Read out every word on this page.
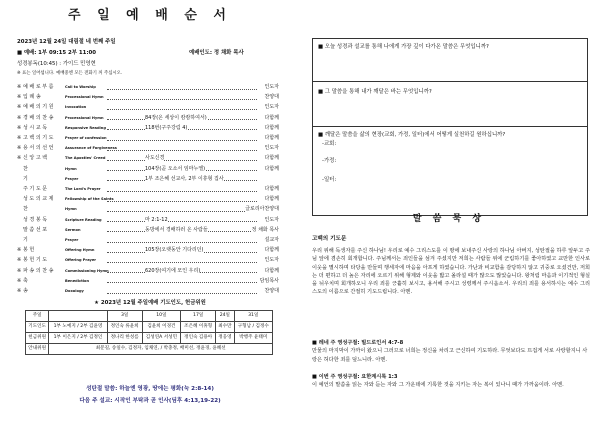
주 일 예 배 순 서
2023년 12월 24일 대림절 네 번째 주일
■ 예배: 1부 09:15 2부 11:00	예배인도: 정 채화 목사
성경봉독(10:45) : 가이드 민영현
※ 표는 일어섭니다. 예배중엔 모든 전화기 꺼 주십시오.
※ 예 배 로 부 름	Call to Worship	인도자
※ 입 례 송	Processional Hymn	찬양대
※ 예 배 의 기 원	Invocation	인도자
※ 경 배 의 찬 송	Processional Hymn	84장(온 세상이 캄캄하여서)	다함께
※ 성 시 교 독	Responsive Reading	118번(구주강림 4)	다함께
※ 고 백 의 기 도	Prayer of confession	다함께
※ 용 서 의 선 언	Assurance of Forgiveness	인도자
※ 신 앙 고 백	The Apostles' Creed	사도신경	다함께
찬	Hymn	104장(곧 오소서 임마누엘)	다함께
기	Prayer	1부 조은혜 선교사, 2부 이휴형 집사
주 기 도 문	The Lord's Prayer	다함께
성 도 의 교 제	Fellowship of the Saints	다함께
찬	Hymn	글로리아찬양대
성 경 봉 독	Scripture Reading	마 2:1-12	인도자
말 씀 선 포	Sermon	동방에서 경배하러 온 사람들	정 채화 목사
기	Prayer	설교자
※ 봉 헌	Offering Hymn	105장(오랫동안 기다리던)	다함께
※ 봉 헌 기 도	Offering Prayer	인도자
※ 파 송 의 찬 송	Commissioning Hymn	620장(여기에 모인 우리)	다함께
※ 축	Benediction	담임목사
※ 송	Doxology	찬양대
★ 2023년 12월 주일예배 기도인도, 헌금위원
주일		3일	10일	17일	24일	31일
기도인도	1부 노예지 / 2부 김윤영	정인숙 류윤희	김윤희 이경건	조은혜 이휴형	최수만	구형남 / 김정수
헌금위원	1부 이은지 / 2부 김정인	정나리 한성름	김성연A 서성민	정인숙 김용아	정웅영	박행주 윤태미
안내위원	최문길, 송일수, 김정자, 임채연, / 박충정, 배미선, 정윤경, 윤혜선					
성탄절 말씀: 하늘엔 영광, 땅에는 평화(눅 2:8-14)
다음 주 설교: 시작인 부탁과 곧 인사(딤후 4:13,19-22)
■ 오늘 성경과 설교를 통해 나에게 가장 깊이 다가온 말씀은 무엇입니까?
■ 그 말씀을 통해 내가 깨달은 바는 무엇입니까?
■ 깨달은 말씀을 삶의 현장(교회, 가정, 일터)에서 어떻게 실천하길 원하십니까?
-교회:
-가정:
-일터:
말 씀 묵 상
고백의 기도문
우리 위해 독생자를 주신 하나님! 우리로 예수 그리스도를 이 땅에 보내주신 사랑의 하나님 아버지, 성탄절을 하루 앞두고 주님 앞에 겸손히 회개합니다. 주님께서는 죄인들을 섬겨 주셨지만 저희는 사람들 위에 군림하기를 좋아하였고 교만한 인사로 이웃을 멸시하며 타당을 만들며 행세자에 마음을 아프게 하였습니다. 가난과 비교함을 감당하지 않고 귀중로 오셨건만, 저희는 더 편하고 더 높은 자리에 오르기 위해 형제와 이웃을 밟고 올라설 때가 많으도 많았습니다. 왕처럼 마음과 이기적인 형실을 뉘우치며 회개하오니 우리 죄를 긍휼히 보시고, 용서해 주시고 성령께서 주시옵소서. 우리의 죄를 용서하시는 예수 그리스도의 이름으로 간절히 기도드립니다. 아멘.
■ 레네 주 영성구절: 빌드로인서 4:7-8
만물의 마지막이 가까이 왔으니 그러므로 너희는 정신을 차리고 근신하여 기도하라. 무엇보다도 뜨겁게 서로 사랑할지니 사랑은 허다한 죄를 덮느니라. 아멘.
■ 이번 주 영성구절: 요한계시록 1:3
이 예언의 말씀을 읽는 자와 듣는 자와 그 가운데에 기록한 것을 지키는 자는 복이 있나니 때가 가까움이라. 아멘.
